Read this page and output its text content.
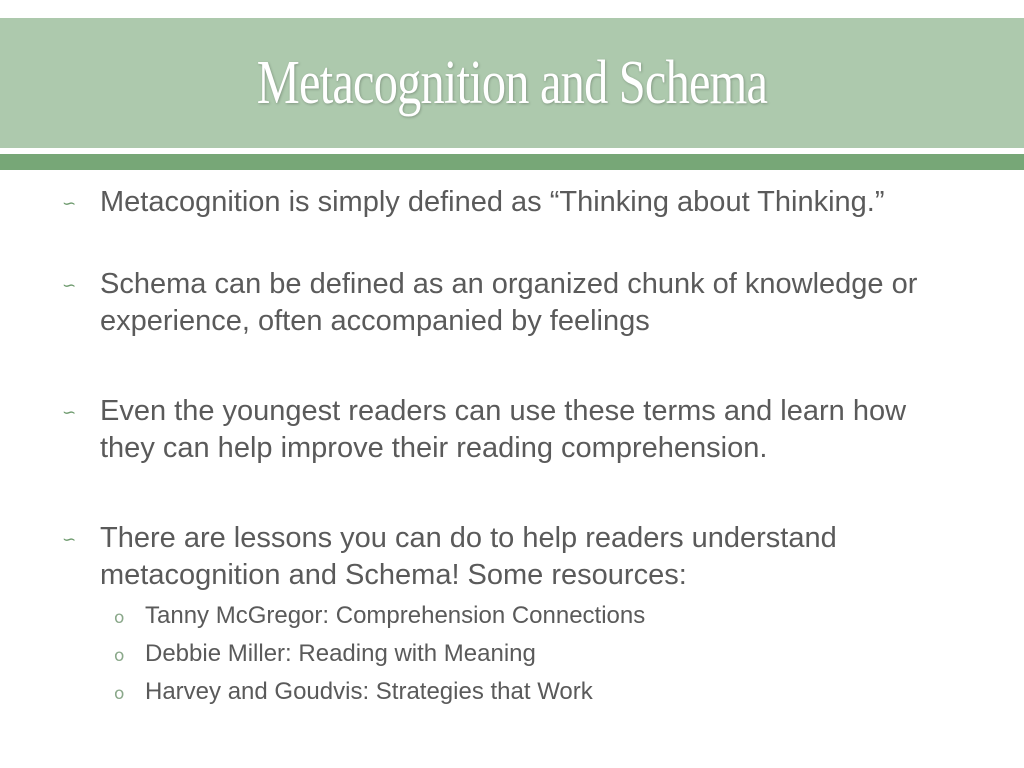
Metacognition and Schema
∽ Metacognition is simply defined as “Thinking about Thinking.”
∽ Schema can be defined as an organized chunk of knowledge or experience, often accompanied by feelings
∽ Even the youngest readers can use these terms and learn how they can help improve their reading comprehension.
∽ There are lessons you can do to help readers understand metacognition and Schema! Some resources:
o Tanny McGregor: Comprehension Connections
o Debbie Miller: Reading with Meaning
o Harvey and Goudvis: Strategies that Work
